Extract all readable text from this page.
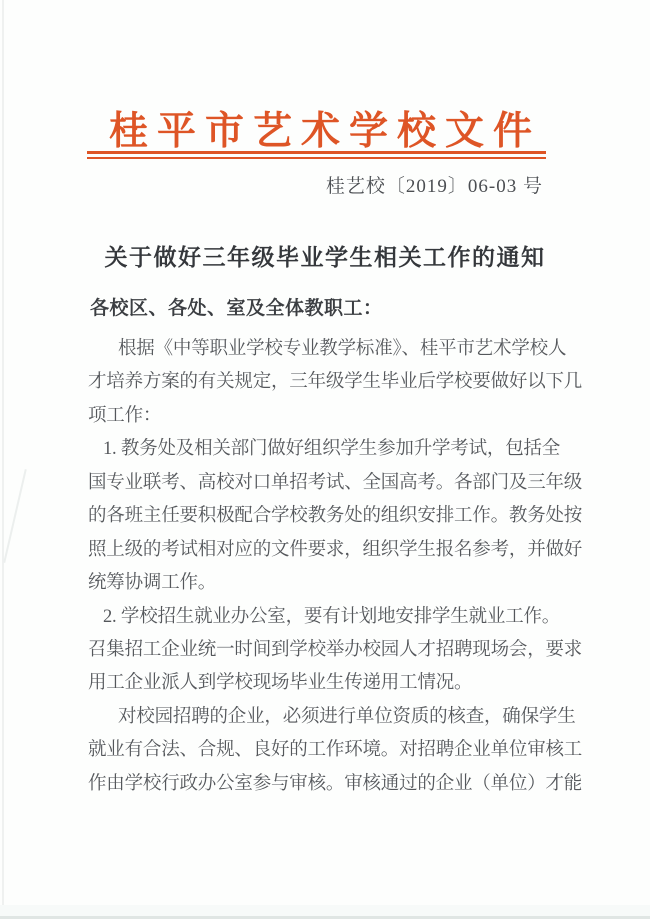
桂平市艺术学校文件
桂艺校〔2019〕06-03 号
关于做好三年级毕业学生相关工作的通知
各校区、各处、室及全体教职工：
根据《中等职业学校专业教学标准》、桂平市艺术学校人
才培养方案的有关规定，三年级学生毕业后学校要做好以下几
项工作：
1. 教务处及相关部门做好组织学生参加升学考试，包括全
国专业联考、高校对口单招考试、全国高考。各部门及三年级
的各班主任要积极配合学校教务处的组织安排工作。教务处按
照上级的考试相对应的文件要求，组织学生报名参考，并做好
统筹协调工作。
2. 学校招生就业办公室，要有计划地安排学生就业工作。
召集招工企业统一时间到学校举办校园人才招聘现场会，要求
用工企业派人到学校现场毕业生传递用工情况。
对校园招聘的企业，必须进行单位资质的核查，确保学生
就业有合法、合规、良好的工作环境。对招聘企业单位审核工
作由学校行政办公室参与审核。审核通过的企业（单位）才能
